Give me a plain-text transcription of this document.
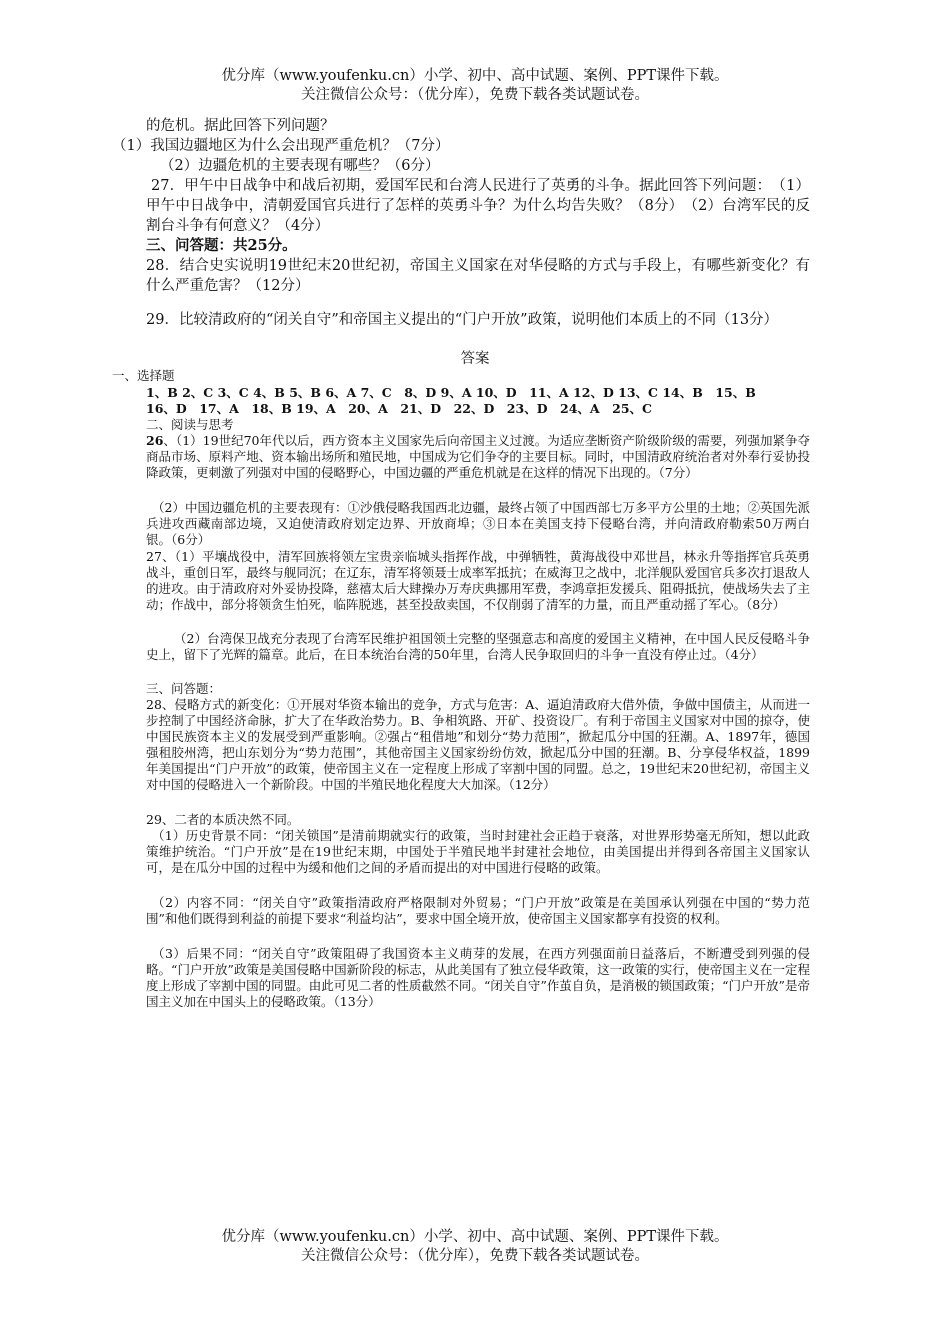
优分库（www.youfenku.cn）小学、初中、高中试题、案例、PPT课件下载。
关注微信公众号：（优分库），免费下载各类试题试卷。

的危机。据此回答下列问题？

（1）我国边疆地区为什么会出现严重危机？（7分）

（2）边疆危机的主要表现有哪些？（6分）

27．甲午中日战争中和战后初期，爱国军民和台湾人民进行了英勇的斗争。据此回答下列问题：　（1）甲午中日战争中，清朝爱国官兵进行了怎样的英勇斗争？为什么均告失败？（8分）　（2）台湾军民的反割台斗争有何意义？（4分）

三、问答题：共25分。

28．结合史实说明19世纪末20世纪初，帝国主义国家在对华侵略的方式与手段上，有哪些新变化？有什么严重危害？（12分）

29．比较清政府的“闭关自守”和帝国主义提出的“门户开放”政策，说明他们本质上的不同（13分）

答案

一、选择题

1、B 2、C 3、C 4、B 5、B 6、A 7、C　8、D 9、A 10、D　11、A 12、D 13、C 14、B　15、B

16、D　17、A　18、B 19、A　20、A　21、D　22、D　23、D　24、A　25、C

二、阅读与思考

26、（1）19世纪70年代以后，西方资本主义国家先后向帝国主义过渡。为适应垄断资产阶级阶级的需要，列强加紧争夺商品市场、原料产地、资本输出场所和殖民地，中国成为它们争夺的主要目标。同时，中国清政府统治者对外奉行妥协投降政策，更刺激了列强对中国的侵略野心，中国边疆的严重危机就是在这样的情况下出现的。（7分）

（2）中国边疆危机的主要表现有：①沙俄侵略我国西北边疆，最终占领了中国西部七万多平方公里的土地；②英国先派兵进攻西藏南部边境，又迫使清政府划定边界、开放商埠；③日本在美国支持下侵略台湾，并向清政府勒索50万两白银。（6分）

27、（1）平壤战役中，清军回族将领左宝贵亲临城头指挥作战，中弹牺牲，黄海战役中邓世昌，林永升等指挥官兵英勇战斗，重创日军，最终与舰同沉；在辽东，清军将领聂士成率军抵抗；在威海卫之战中，北洋舰队爱国官兵多次打退敌人的进攻。由于清政府对外妥协投降，慈禧太后大肆操办万寿庆典挪用军费，李鸿章拒发援兵、阻碍抵抗，使战场失去了主动；作战中，部分将领贪生怕死，临阵脱逃，甚至投敌卖国，不仅削弱了清军的力量，而且严重动摇了军心。（8分）

（2）台湾保卫战充分表现了台湾军民维护祖国领土完整的坚强意志和高度的爱国主义精神，在中国人民反侵略斗争史上，留下了光辉的篇章。此后，在日本统治台湾的50年里，台湾人民争取回归的斗争一直没有停止过。（4分）

三、问答题：

28、侵略方式的新变化：①开展对华资本输出的竞争，方式与危害：A、逼迫清政府大借外债，争做中国债主，从而进一步控制了中国经济命脉，扩大了在华政治势力。B、争相筑路、开矿、投资设厂。有利于帝国主义国家对中国的掠夺，使中国民族资本主义的发展受到严重影响。②强占“租借地”和划分“势力范围”，掀起瓜分中国的狂潮。A、1897年，德国强租胶州湾，把山东划分为“势力范围”，其他帝国主义国家纷纷仿效，掀起瓜分中国的狂潮。B、分享侵华权益，1899年美国提出“门户开放”的政策，使帝国主义在一定程度上形成了宰割中国的同盟。总之，19世纪末20世纪初，帝国主义对中国的侵略进入一个新阶段。中国的半殖民地化程度大大加深。（12分）

29、二者的本质决然不同。

（1）历史背景不同：“闭关锁国”是清前期就实行的政策，当时封建社会正趋于衰落，对世界形势毫无所知，想以此政策维护统治。“门户开放”是在19世纪末期，中国处于半殖民地半封建社会地位，由美国提出并得到各帝国主义国家认可，是在瓜分中国的过程中为缓和他们之间的矛盾而提出的对中国进行侵略的政策。

（2）内容不同：“闭关自守”政策指清政府严格限制对外贸易；“门户开放”政策是在美国承认列强在中国的“势力范围”和他们既得到利益的前提下要求“利益均沾”，要求中国全境开放，使帝国主义国家都享有投资的权利。

（3）后果不同：“闭关自守”政策阻碍了我国资本主义萌芽的发展，在西方列强面前日益落后，不断遭受到列强的侵略。“门户开放”政策是美国侵略中国新阶段的标志，从此美国有了独立侵华政策，这一政策的实行，使帝国主义在一定程度上形成了宰割中国的同盟。由此可见二者的性质截然不同。“闭关自守”作茧自负，是消极的锁国政策；“门户开放”是帝国主义加在中国头上的侵略政策。（13分）

优分库（www.youfenku.cn）小学、初中、高中试题、案例、PPT课件下载。
关注微信公众号：（优分库），免费下载各类试题试卷。
